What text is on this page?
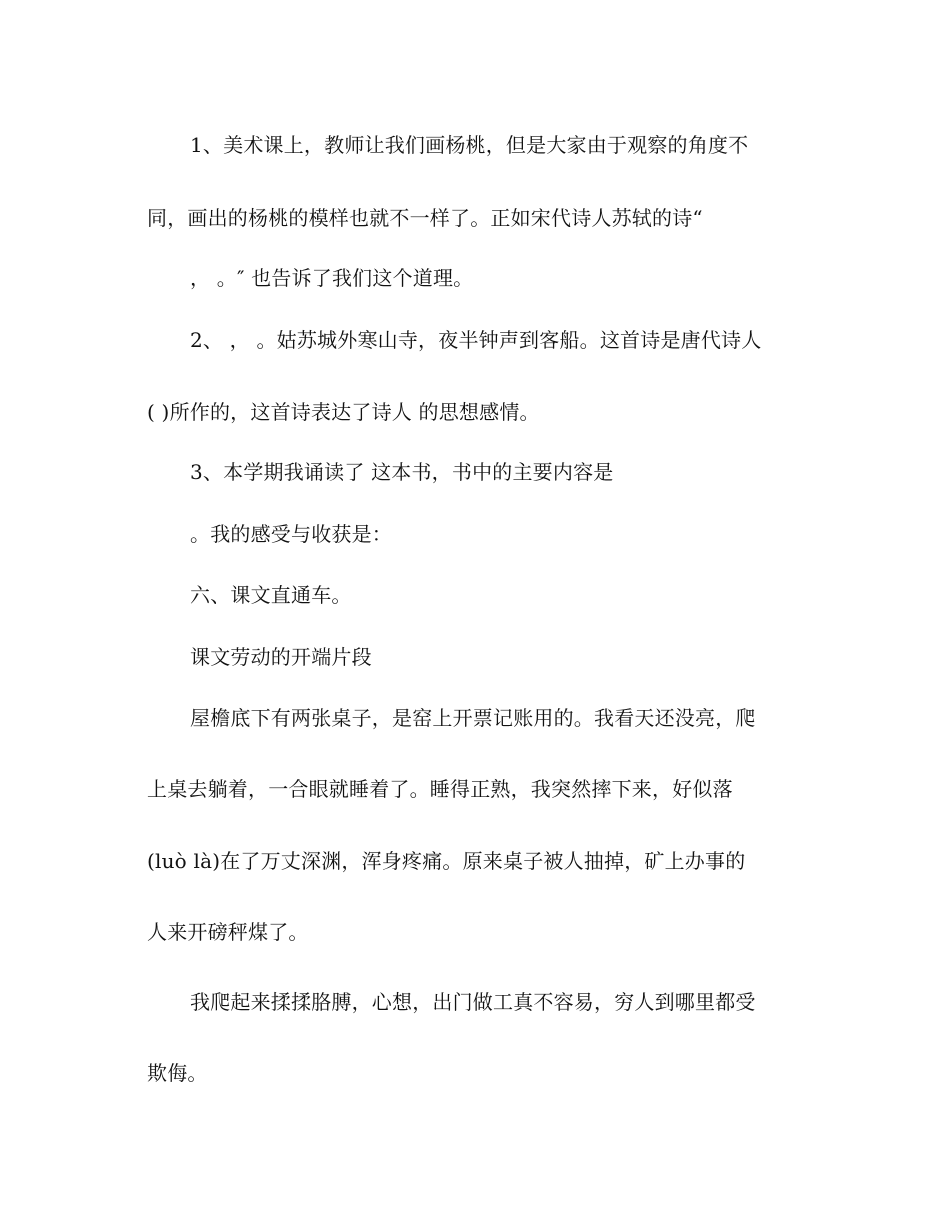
1、美术课上，教师让我们画杨桃，但是大家由于观察的角度不
同，画出的杨桃的模样也就不一样了。正如宋代诗人苏轼的诗“
， 。″ 也告诉了我们这个道理。
2、 ， 。姑苏城外寒山寺，夜半钟声到客船。这首诗是唐代诗人
( )所作的，这首诗表达了诗人 的思想感情。
3、本学期我诵读了 这本书，书中的主要内容是
。我的感受与收获是：
六、课文直通车。
课文劳动的开端片段
屋檐底下有两张桌子，是窑上开票记账用的。我看天还没亮，爬
上桌去躺着，一合眼就睡着了。睡得正熟，我突然摔下来，好似落
(luò là)在了万丈深渊，浑身疼痛。原来桌子被人抽掉，矿上办事的
人来开磅秤煤了。
我爬起来揉揉胳膊，心想，出门做工真不容易，穷人到哪里都受
欺侮。
